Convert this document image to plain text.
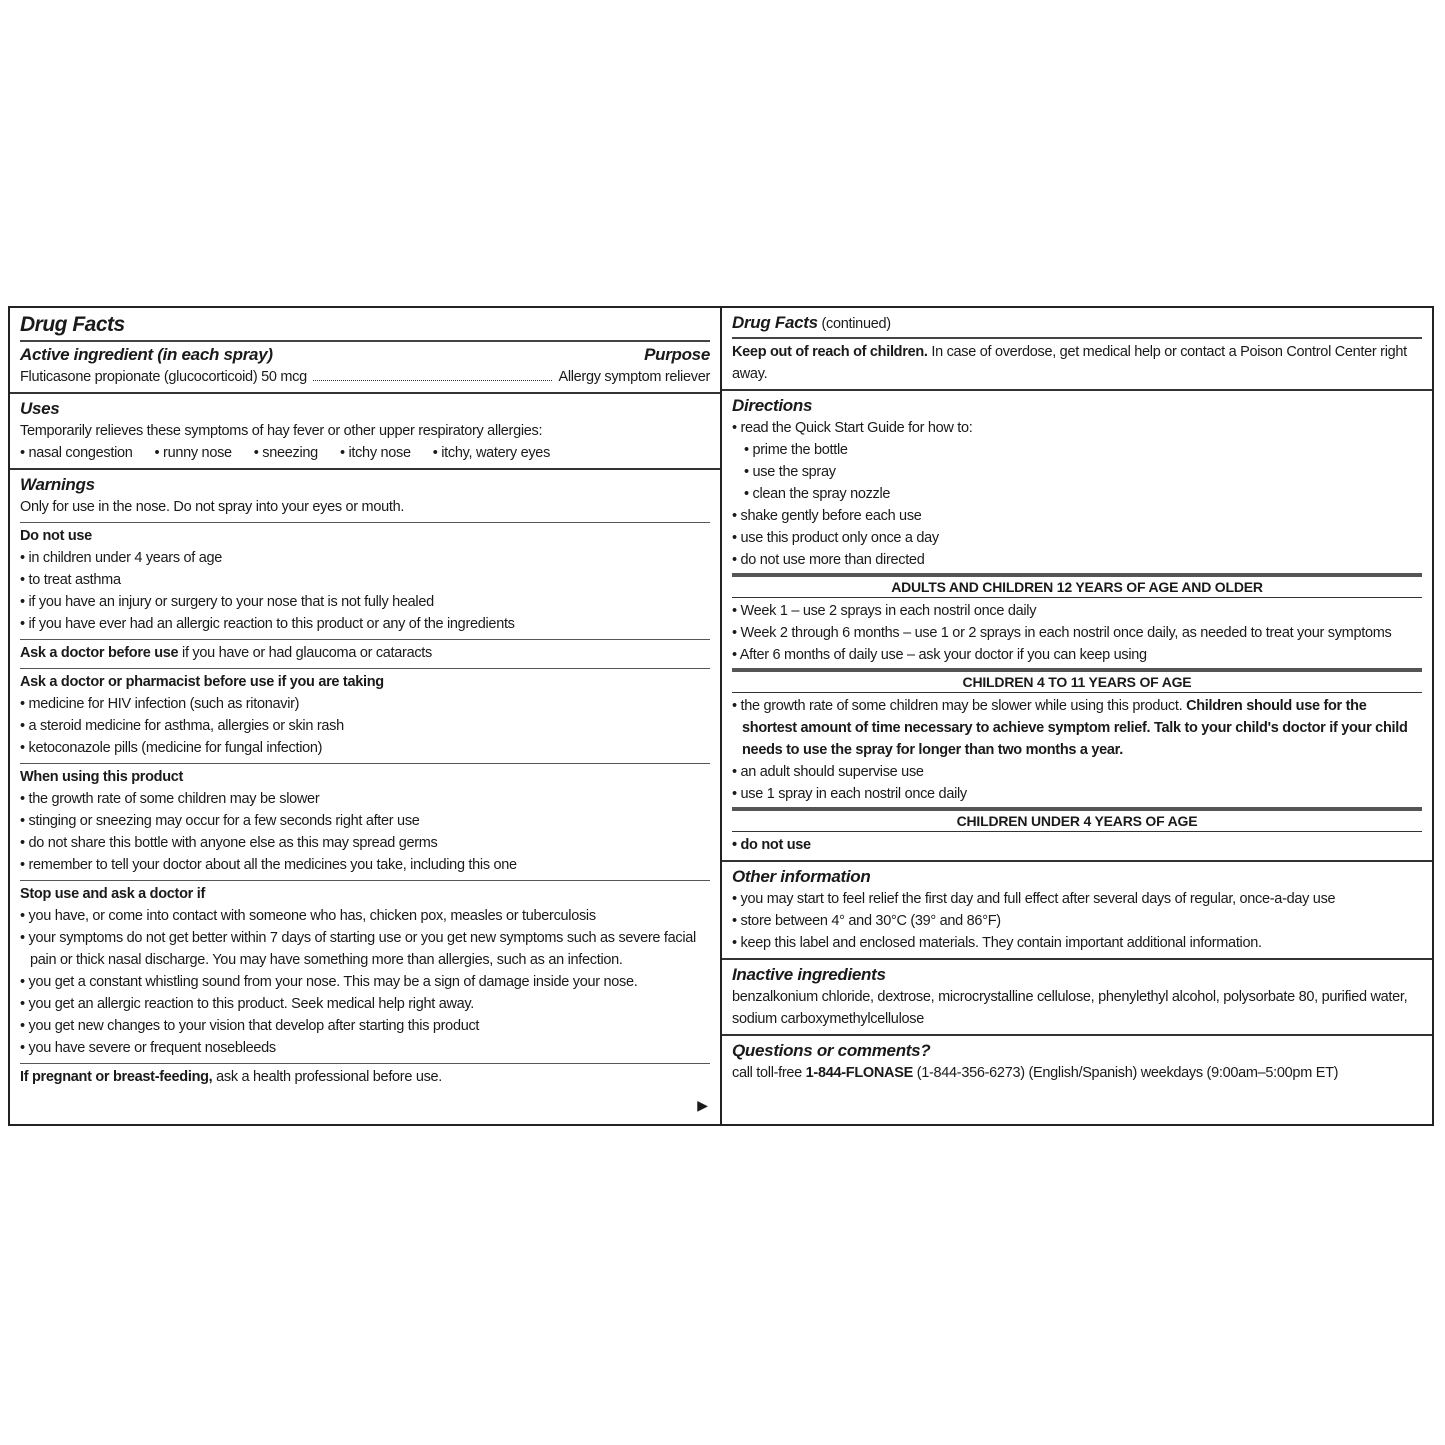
Drug Facts
Active ingredient (in each spray)	Purpose
Fluticasone propionate (glucocorticoid) 50 mcg	Allergy symptom reliever
Uses
Temporarily relieves these symptoms of hay fever or other upper respiratory allergies:
• nasal congestion • runny nose • sneezing • itchy nose • itchy, watery eyes
Warnings
Only for use in the nose. Do not spray into your eyes or mouth.
Do not use
• in children under 4 years of age
• to treat asthma
• if you have an injury or surgery to your nose that is not fully healed
• if you have ever had an allergic reaction to this product or any of the ingredients
Ask a doctor before use if you have or had glaucoma or cataracts
Ask a doctor or pharmacist before use if you are taking
• medicine for HIV infection (such as ritonavir)
• a steroid medicine for asthma, allergies or skin rash
• ketoconazole pills (medicine for fungal infection)
When using this product
• the growth rate of some children may be slower
• stinging or sneezing may occur for a few seconds right after use
• do not share this bottle with anyone else as this may spread germs
• remember to tell your doctor about all the medicines you take, including this one
Stop use and ask a doctor if
• you have, or come into contact with someone who has, chicken pox, measles or tuberculosis
• your symptoms do not get better within 7 days of starting use or you get new symptoms such as severe facial pain or thick nasal discharge. You may have something more than allergies, such as an infection.
• you get a constant whistling sound from your nose. This may be a sign of damage inside your nose.
• you get an allergic reaction to this product. Seek medical help right away.
• you get new changes to your vision that develop after starting this product
• you have severe or frequent nosebleeds
If pregnant or breast-feeding, ask a health professional before use.
▶
Drug Facts (continued)
Keep out of reach of children. In case of overdose, get medical help or contact a Poison Control Center right away.
Directions
• read the Quick Start Guide for how to:
• prime the bottle
• use the spray
• clean the spray nozzle
• shake gently before each use
• use this product only once a day
• do not use more than directed
ADULTS AND CHILDREN 12 YEARS OF AGE AND OLDER
• Week 1 – use 2 sprays in each nostril once daily
• Week 2 through 6 months – use 1 or 2 sprays in each nostril once daily, as needed to treat your symptoms
• After 6 months of daily use – ask your doctor if you can keep using
CHILDREN 4 TO 11 YEARS OF AGE
• the growth rate of some children may be slower while using this product. Children should use for the shortest amount of time necessary to achieve symptom relief. Talk to your child's doctor if your child needs to use the spray for longer than two months a year.
• an adult should supervise use
• use 1 spray in each nostril once daily
CHILDREN UNDER 4 YEARS OF AGE
• do not use
Other information
• you may start to feel relief the first day and full effect after several days of regular, once-a-day use
• store between 4° and 30°C (39° and 86°F)
• keep this label and enclosed materials. They contain important additional information.
Inactive ingredients
benzalkonium chloride, dextrose, microcrystalline cellulose, phenylethyl alcohol, polysorbate 80, purified water, sodium carboxymethylcellulose
Questions or comments?
call toll-free 1-844-FLONASE (1-844-356-6273) (English/Spanish) weekdays (9:00am–5:00pm ET)
